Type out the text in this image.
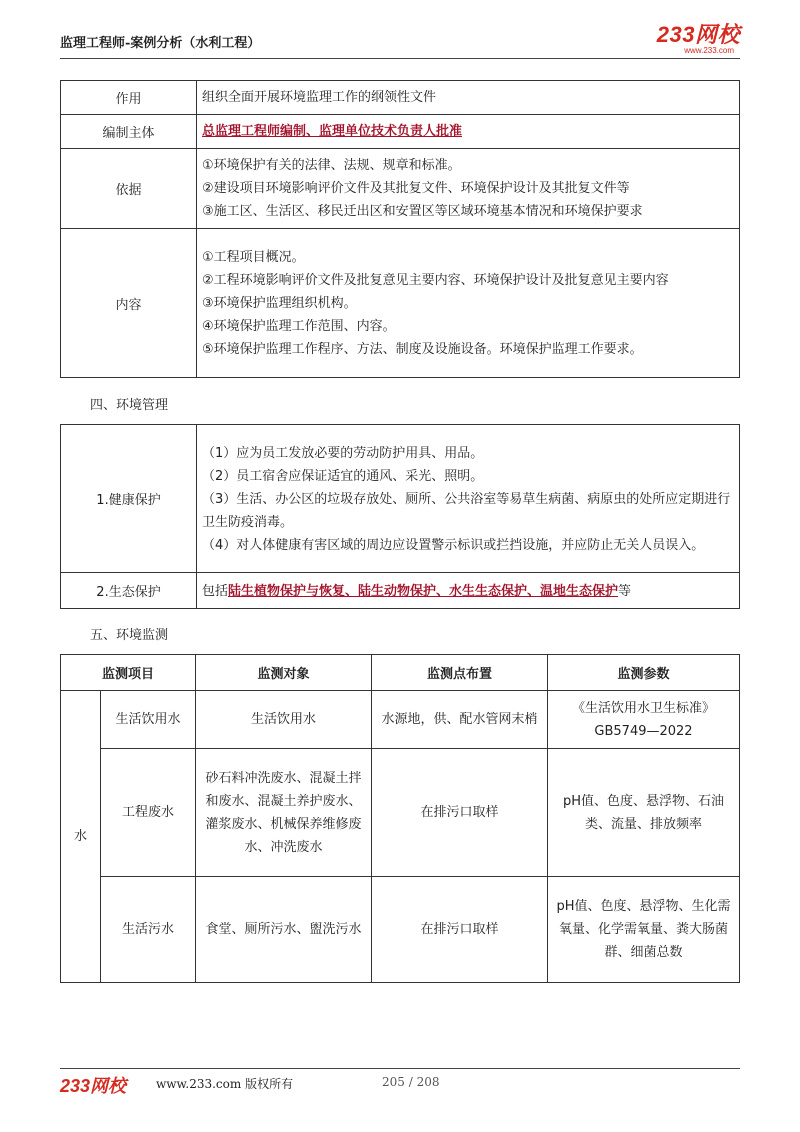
监理工程师-案例分析（水利工程）	233网校
www.233.com
作用	组织全面开展环境监理工作的纲领性文件

编制主体	总监理工程师编制、监理单位技术负责人批准
依据	①环境保护有关的法律、法规、规章和标准。
②建设项目环境影响评价文件及其批复文件、环境保护设计及其批复文件等
③施工区、生活区、移民迁出区和安置区等区域环境基本情况和环境保护要求

内容	①工程项目概况。
②工程环境影响评价文件及批复意见主要内容、环境保护设计及批复意见主要内容
③环境保护监理组织机构。
④环境保护监理工作范围、内容。
⑤环境保护监理工作程序、方法、制度及设施设备。环境保护监理工作要求。
四、环境管理
1.健康保护	（1）应为员工发放必要的劳动防护用具、用品。
（2）员工宿舍应保证适宜的通风、采光、照明。
（3）生活、办公区的垃圾存放处、厕所、公共浴室等易草生病菌、病原虫的处所应定期进行卫生防疫消毒。
（4）对人体健康有害区域的周边应设置警示标识或拦挡设施，并应防止无关人员误入。

2.生态保护	包括陆生植物保护与恢复、陆生动物保护、水生生态保护、温地生态保护等
五、环境监测
监测项目		监测对象	监测点布置	监测参数
水	生活饮用水	生活饮用水	水源地，供、配水管网末梢	《生活饮用水卫生标准》GB5749—2022
	工程废水	砂石料冲洗废水、混凝土拌和废水、混凝土养护废水、灌浆废水、机械保养维修废水、冲洗废水	在排污口取样	pH值、色度、悬浮物、石油类、流量、排放频率
	生活污水	食堂、厕所污水、盥洗污水	在排污口取样	pH值、色度、悬浮物、生化需氧量、化学需氧量、粪大肠菌群、细菌总数
233网校 www.233.com 版权所有	205 / 208
